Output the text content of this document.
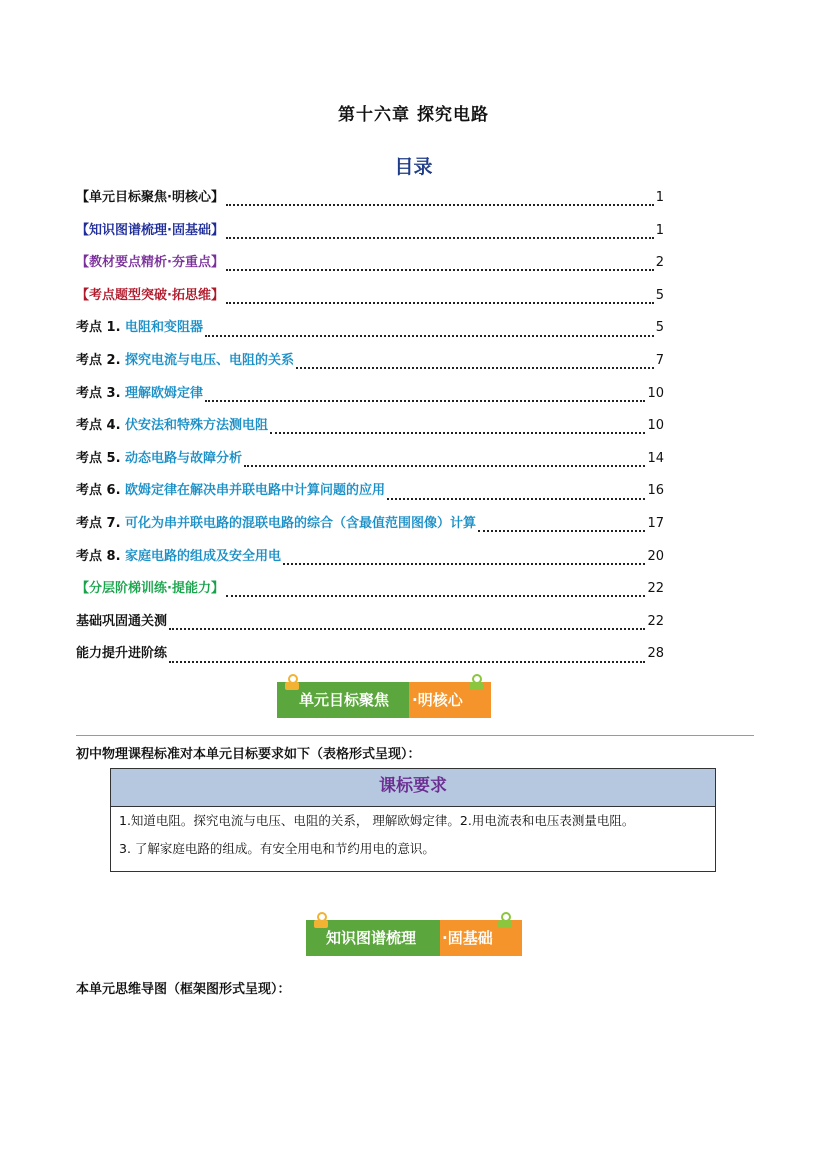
第十六章 探究电路
目录
【单元目标聚焦·明核心】	1
【知识图谱梳理·固基础】	1
【教材要点精析·夯重点】	2
【考点题型突破·拓思维】	5
考点 1. 电阻和变阻器	5
考点 2. 探究电流与电压、电阻的关系	7
考点 3. 理解欧姆定律	10
考点 4. 伏安法和特殊方法测电阻	10
考点 5. 动态电路与故障分析	14
考点 6. 欧姆定律在解决串并联电路中计算问题的应用	16
考点 7. 可化为串并联电路的混联电路的综合（含最值范围图像）计算	17
考点 8. 家庭电路的组成及安全用电	20
【分层阶梯训练·提能力】	22
基础巩固通关测	22
能力提升进阶练	28
单元目标聚焦 ·明核心
初中物理课程标准对本单元目标要求如下（表格形式呈现）：
课标要求
1.知道电阻。探究电流与电压、电阻的关系， 理解欧姆定律。2.用电流表和电压表测量电阻。
3. 了解家庭电路的组成。有安全用电和节约用电的意识。
知识图谱梳理 ·固基础
本单元思维导图（框架图形式呈现）：
